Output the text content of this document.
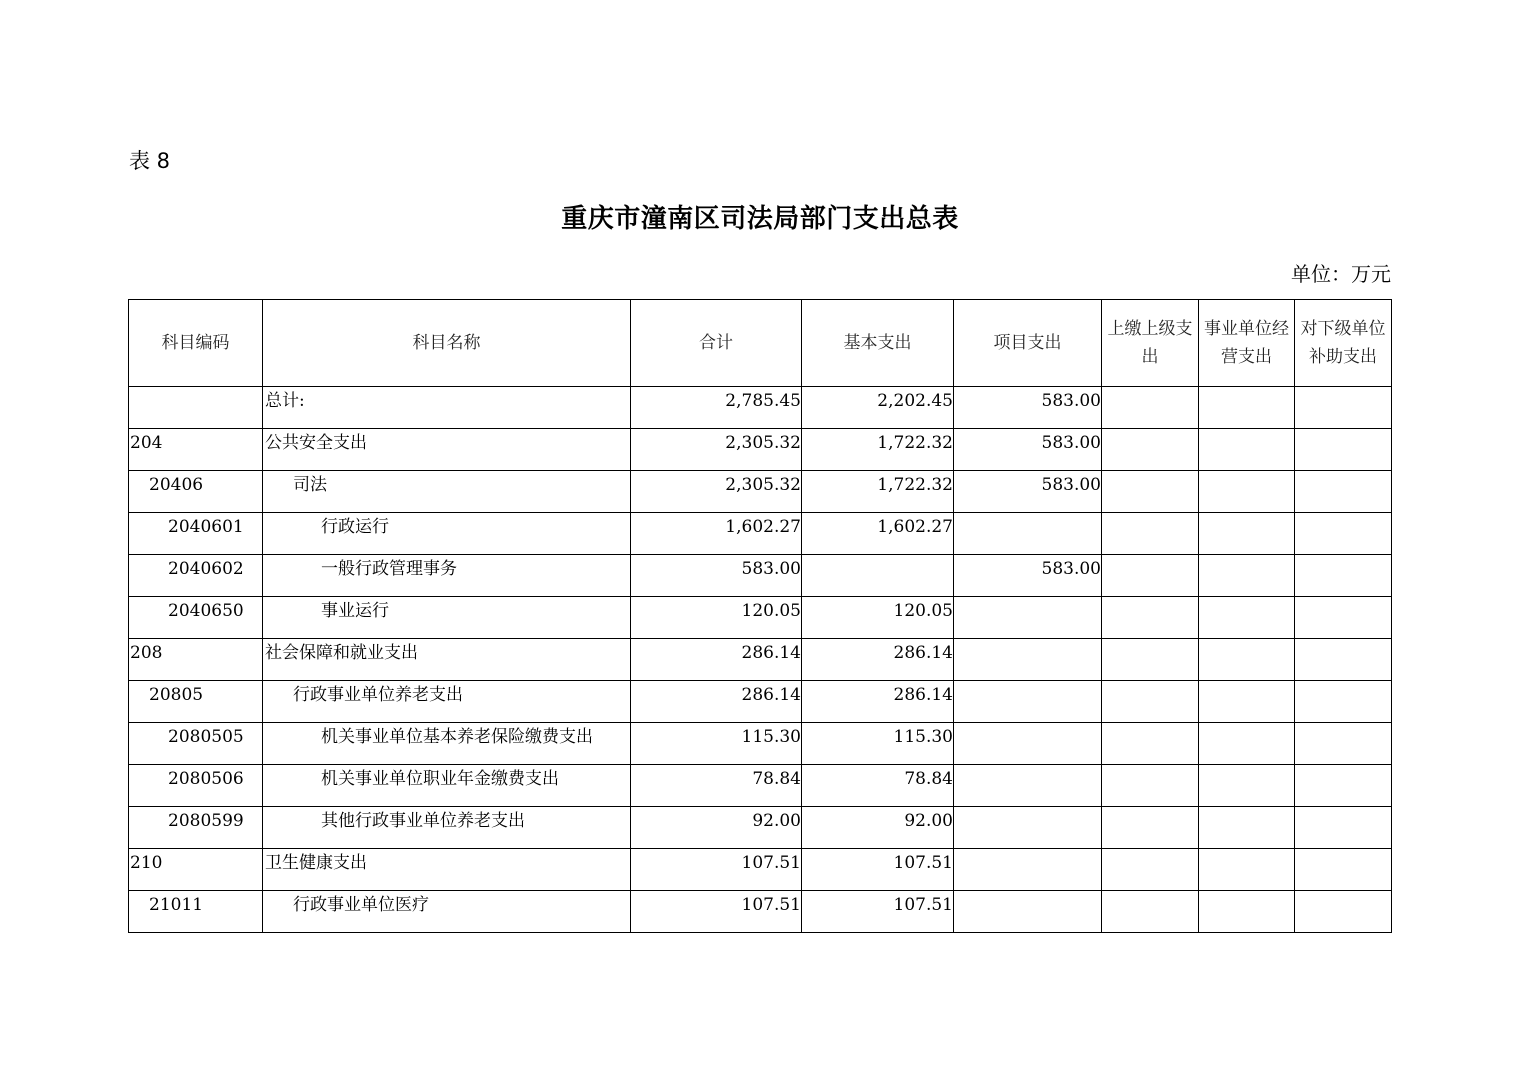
表 8
重庆市潼南区司法局部门支出总表
单位：万元
科目编码	科目名称	合计	基本支出	项目支出	上缴上级支出	事业单位经营支出	对下级单位补助支出
	总计:	2,785.45	2,202.45	583.00			
204	公共安全支出	2,305.32	1,722.32	583.00			
20406	司法	2,305.32	1,722.32	583.00			
2040601	行政运行	1,602.27	1,602.27				
2040602	一般行政管理事务	583.00		583.00			
2040650	事业运行	120.05	120.05				
208	社会保障和就业支出	286.14	286.14				
20805	行政事业单位养老支出	286.14	286.14				
2080505	机关事业单位基本养老保险缴费支出	115.30	115.30				
2080506	机关事业单位职业年金缴费支出	78.84	78.84				
2080599	其他行政事业单位养老支出	92.00	92.00				
210	卫生健康支出	107.51	107.51				
21011	行政事业单位医疗	107.51	107.51				
